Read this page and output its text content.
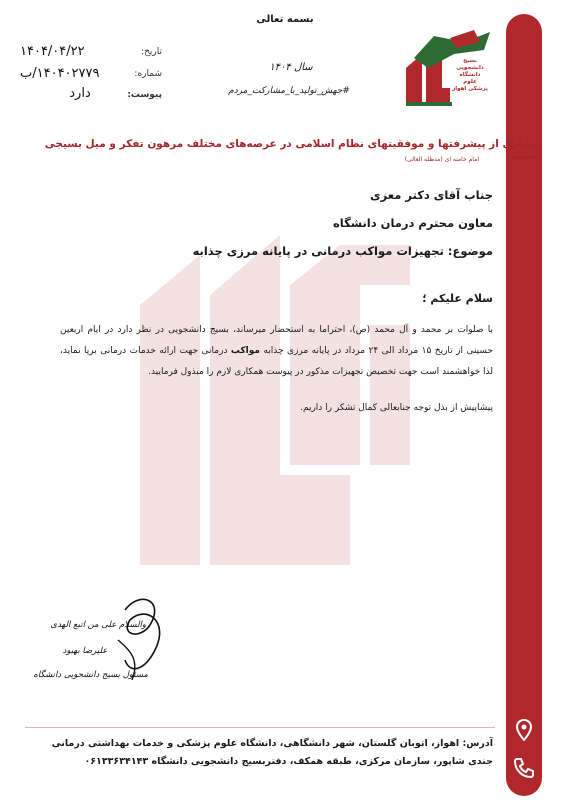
بسمه تعالی
بسیج
دانشجویی
دانشگاه علوم
پزشکی اهواز
تاریخ:
۱۴۰۴/۰۴/۲۲
شماره:
۱۴۰۴۰۲۷۷۹/ب
پیوست:
دارد
سال ۱۴۰۴
#جهش_تولید_با_مشارکت_مردم
بسیاری از پیشرفتها و موفقیتهای نظام اسلامی در عرصه‌های مختلف مرهون تفکر و میل بسیجی است.
امام خامنه ای (مدظله العالی)
جناب آقای دکتر معزی
معاون محترم درمان دانشگاه
موضوع: تجهیزات مواکب درمانی در پایانه مرزی چذابه
سلام علیکم ؛
با صلوات بر محمد و آل محمد (ص)، احتراما به استحضار میرساند، بسیج دانشجویی در نظر دارد در ایام اربعین حسینی از تاریخ ۱۵ مرداد الی ۲۴ مرداد در پایانه مرزی چذابه مواکب درمانی جهت ارائه خدمات درمانی برپا نماید، لذا خواهشمند است جهت تخصیص تجهیزات مذکور در پیوست همکاری لازم را مبذول فرمایید.
پیشاپیش از بذل توجه جنابعالی کمال تشکر را داریم.
والسلام علی من اتبع الهدی
علیرضا بهبود
مسئول بسیج دانشجویی دانشگاه
آدرس: اهواز، اتوبان گلستان، شهر دانشگاهی، دانشگاه علوم پزشکی و خدمات بهداشتی درمانی
جندی شاپور، سازمان مرکزی، طبقه همکف، دفتربسیج دانشجویی دانشگاه ۰۶۱۳۳۶۳۴۱۴۳
